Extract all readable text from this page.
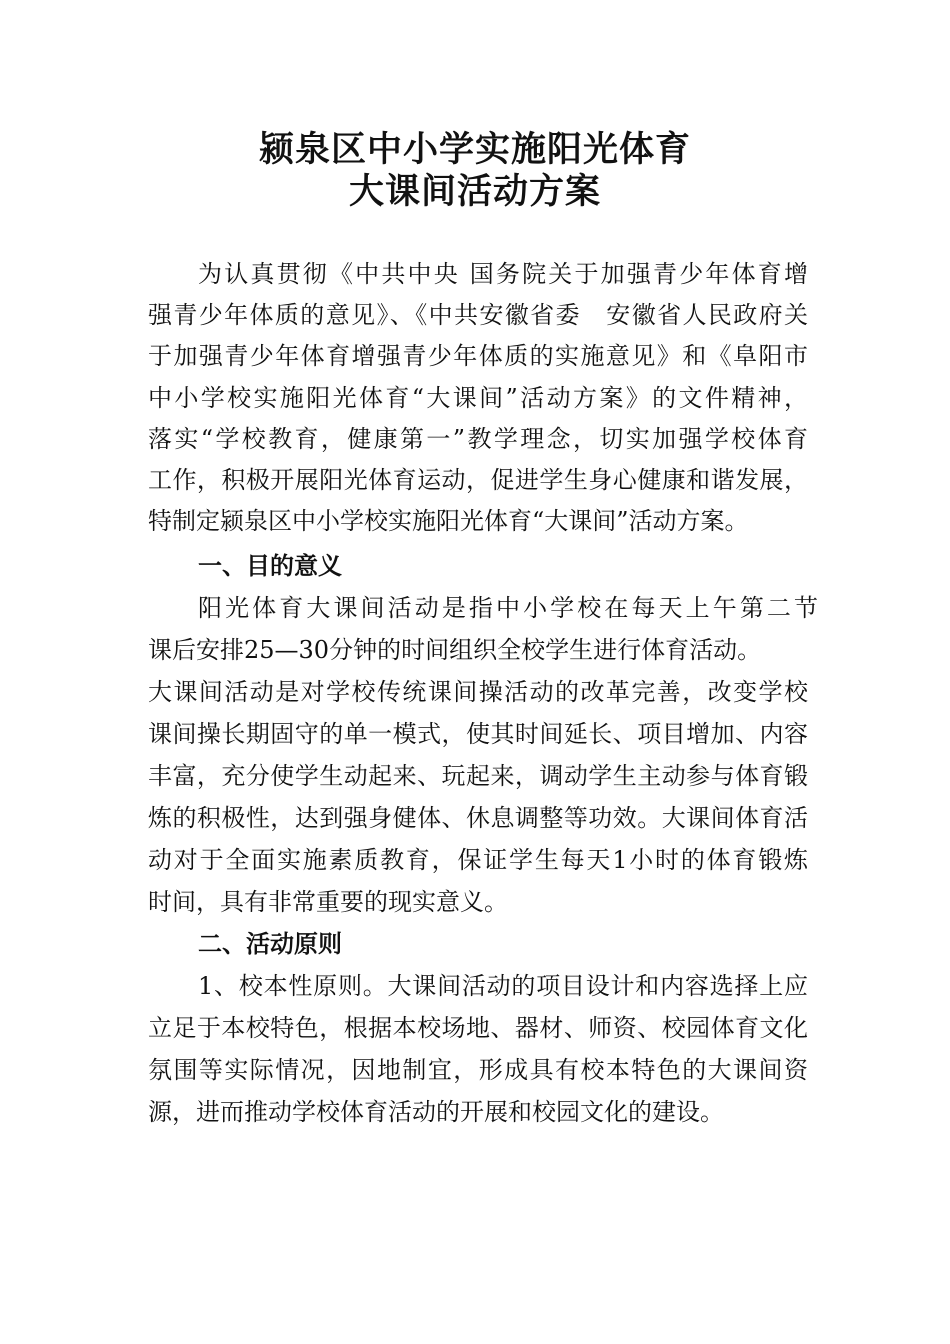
颍泉区中小学实施阳光体育
大课间活动方案
为认真贯彻《中共中央 国务院关于加强青少年体育增
强青少年体质的意见》、《中共安徽省委　安徽省人民政府关
于加强青少年体育增强青少年体质的实施意见》和《阜阳市
中小学校实施阳光体育“大课间”活动方案》的文件精神，
落实“学校教育，健康第一”教学理念，切实加强学校体育
工作，积极开展阳光体育运动，促进学生身心健康和谐发展，
特制定颍泉区中小学校实施阳光体育“大课间”活动方案。
一、目的意义
阳光体育大课间活动是指中小学校在每天上午第二节
课后安排25—30分钟的时间组织全校学生进行体育活动。
大课间活动是对学校传统课间操活动的改革完善，改变学校
课间操长期固守的单一模式，使其时间延长、项目增加、内容
丰富，充分使学生动起来、玩起来，调动学生主动参与体育锻
炼的积极性，达到强身健体、休息调整等功效。大课间体育活
动对于全面实施素质教育，保证学生每天1小时的体育锻炼
时间，具有非常重要的现实意义。
二、活动原则
1、校本性原则。大课间活动的项目设计和内容选择上应
立足于本校特色，根据本校场地、器材、师资、校园体育文化
氛围等实际情况，因地制宜，形成具有校本特色的大课间资
源，进而推动学校体育活动的开展和校园文化的建设。
